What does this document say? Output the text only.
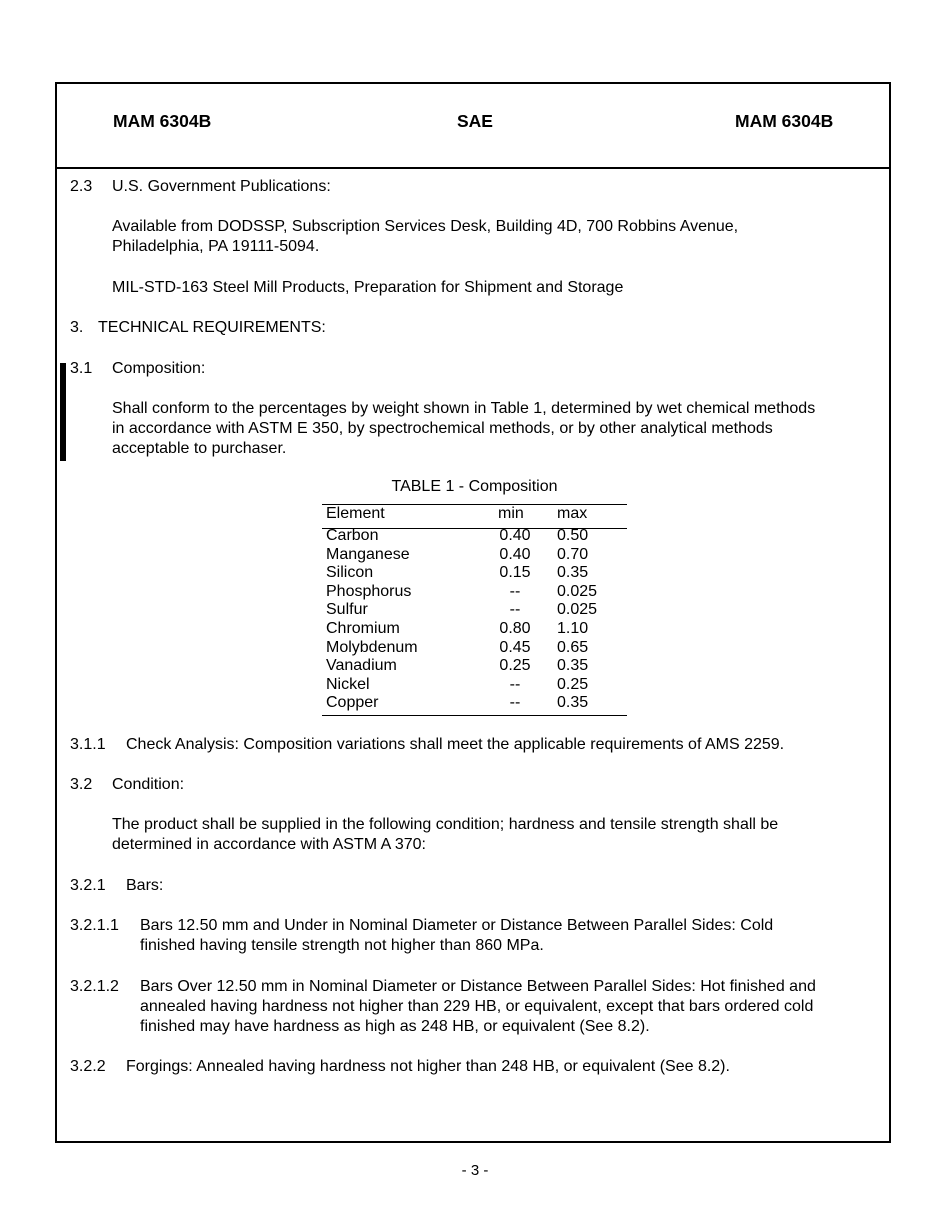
MAM 6304B	SAE	MAM 6304B
2.3 U.S. Government Publications:
Available from DODSSP, Subscription Services Desk, Building 4D, 700 Robbins Avenue,
Philadelphia, PA 19111-5094.
MIL-STD-163 Steel Mill Products, Preparation for Shipment and Storage
3. TECHNICAL REQUIREMENTS:
3.1 Composition:
Shall conform to the percentages by weight shown in Table 1, determined by wet chemical methods
in accordance with ASTM E 350, by spectrochemical methods, or by other analytical methods
acceptable to purchaser.
TABLE 1 - Composition
Element	min max
Carbon	0.40 0.50
Manganese	0.40 0.70
Silicon	0.15 0.35
Phosphorus	--	0.025
Sulfur	--	0.025
Chromium	0.80 1.10
Molybdenum	0.45 0.65
Vanadium	0.25 0.35
Nickel	--	0.25
Copper	--	0.35
3.1.1 Check Analysis: Composition variations shall meet the applicable requirements of AMS 2259.
3.2 Condition:
The product shall be supplied in the following condition; hardness and tensile strength shall be
determined in accordance with ASTM A 370:
3.2.1 Bars:
3.2.1.1 Bars 12.50 mm and Under in Nominal Diameter or Distance Between Parallel Sides: Cold
finished having tensile strength not higher than 860 MPa.
3.2.1.2 Bars Over 12.50 mm in Nominal Diameter or Distance Between Parallel Sides: Hot finished and
annealed having hardness not higher than 229 HB, or equivalent, except that bars ordered cold
finished may have hardness as high as 248 HB, or equivalent (See 8.2).
3.2.2 Forgings: Annealed having hardness not higher than 248 HB, or equivalent (See 8.2).
- 3 -
